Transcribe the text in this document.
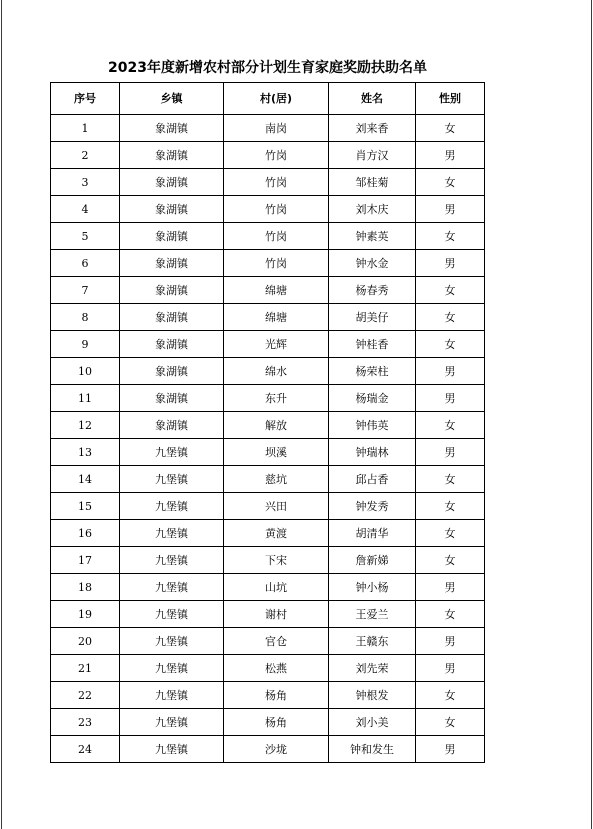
2023年度新增农村部分计划生育家庭奖励扶助名单
序号	乡镇	村(居)	姓名	性别
1	象湖镇	南岗	刘来香	女
2	象湖镇	竹岗	肖方汉	男
3	象湖镇	竹岗	邹桂菊	女
4	象湖镇	竹岗	刘木庆	男
5	象湖镇	竹岗	钟素英	女
6	象湖镇	竹岗	钟水金	男
7	象湖镇	绵塘	杨春秀	女
8	象湖镇	绵塘	胡美仔	女
9	象湖镇	光辉	钟桂香	女
10	象湖镇	绵水	杨荣柱	男
11	象湖镇	东升	杨瑞金	男
12	象湖镇	解放	钟伟英	女
13	九堡镇	坝溪	钟瑞林	男
14	九堡镇	慈坑	邱占香	女
15	九堡镇	兴田	钟发秀	女
16	九堡镇	黄渡	胡清华	女
17	九堡镇	下宋	詹新娣	女
18	九堡镇	山坑	钟小杨	男
19	九堡镇	谢村	王爱兰	女
20	九堡镇	官仓	王赣东	男
21	九堡镇	松燕	刘先荣	男
22	九堡镇	杨角	钟根发	女
23	九堡镇	杨角	刘小美	女
24	九堡镇	沙垅	钟和发生	男
